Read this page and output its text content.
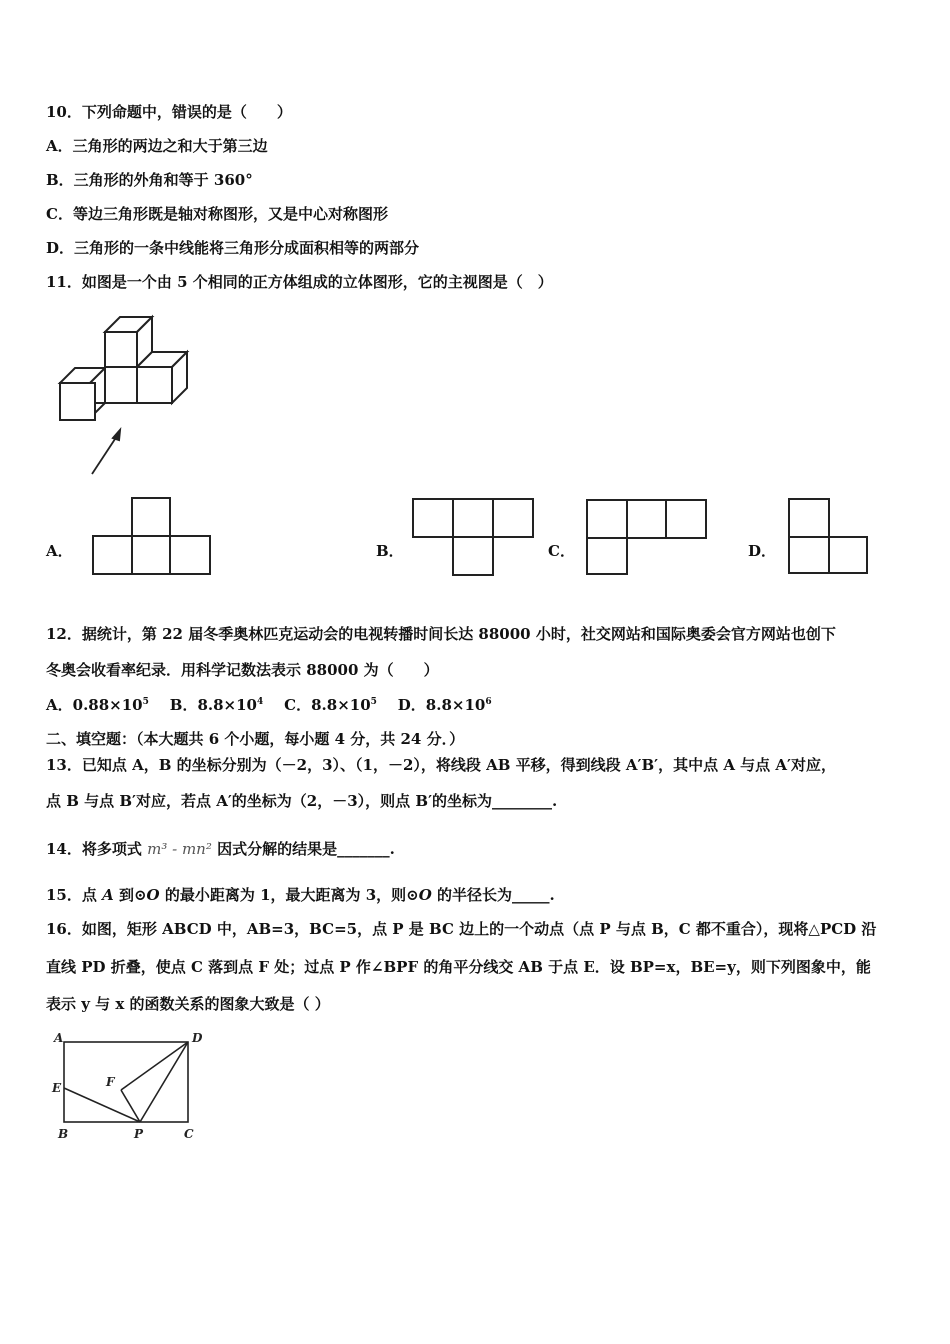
10．下列命题中，错误的是（　　）
A．三角形的两边之和大于第三边
B．三角形的外角和等于 360°
C．等边三角形既是轴对称图形，又是中心对称图形
D．三角形的一条中线能将三角形分成面积相等的两部分
11．如图是一个由 5 个相同的正方体组成的立体图形，它的主视图是（　）
A．	B．	C．	D．
12．据统计，第 22 届冬季奥林匹克运动会的电视转播时间长达 88000 小时，社交网站和国际奥委会官方网站也创下
冬奥会收看率纪录．用科学记数法表示 88000 为（　　）
A．$0.88\times 10^5$ B．$8.8\times 10^4$ C．$8.8\times 10^5$ D．$8.8\times 10^6$
二、填空题：（本大题共 6 个小题，每小题 4 分，共 24 分．）
13．已知点 A，B 的坐标分别为（－2，3）、（1，－2），将线段 AB 平移，得到线段 A′B′，其中点 A 与点 A′对应，
点 B 与点 B′对应，若点 A′的坐标为（2，－3），则点 B′的坐标为________.
14．将多项式 m³ - mn² 因式分解的结果是_______.
15．点 A 到⊙O 的最小距离为 1，最大距离为 3，则⊙O 的半径长为_____.
16．如图，矩形 ABCD 中，AB=3，BC=5，点 P 是 BC 边上的一个动点（点 P 与点 B，C 都不重合），现将△PCD 沿
直线 PD 折叠，使点 C 落到点 F 处；过点 P 作∠BPF 的角平分线交 AB 于点 E．设 BP=x，BE=y，则下列图象中，能
表示 y 与 x 的函数关系的图象大致是（ ）
A	D
E	F
B	P	C
